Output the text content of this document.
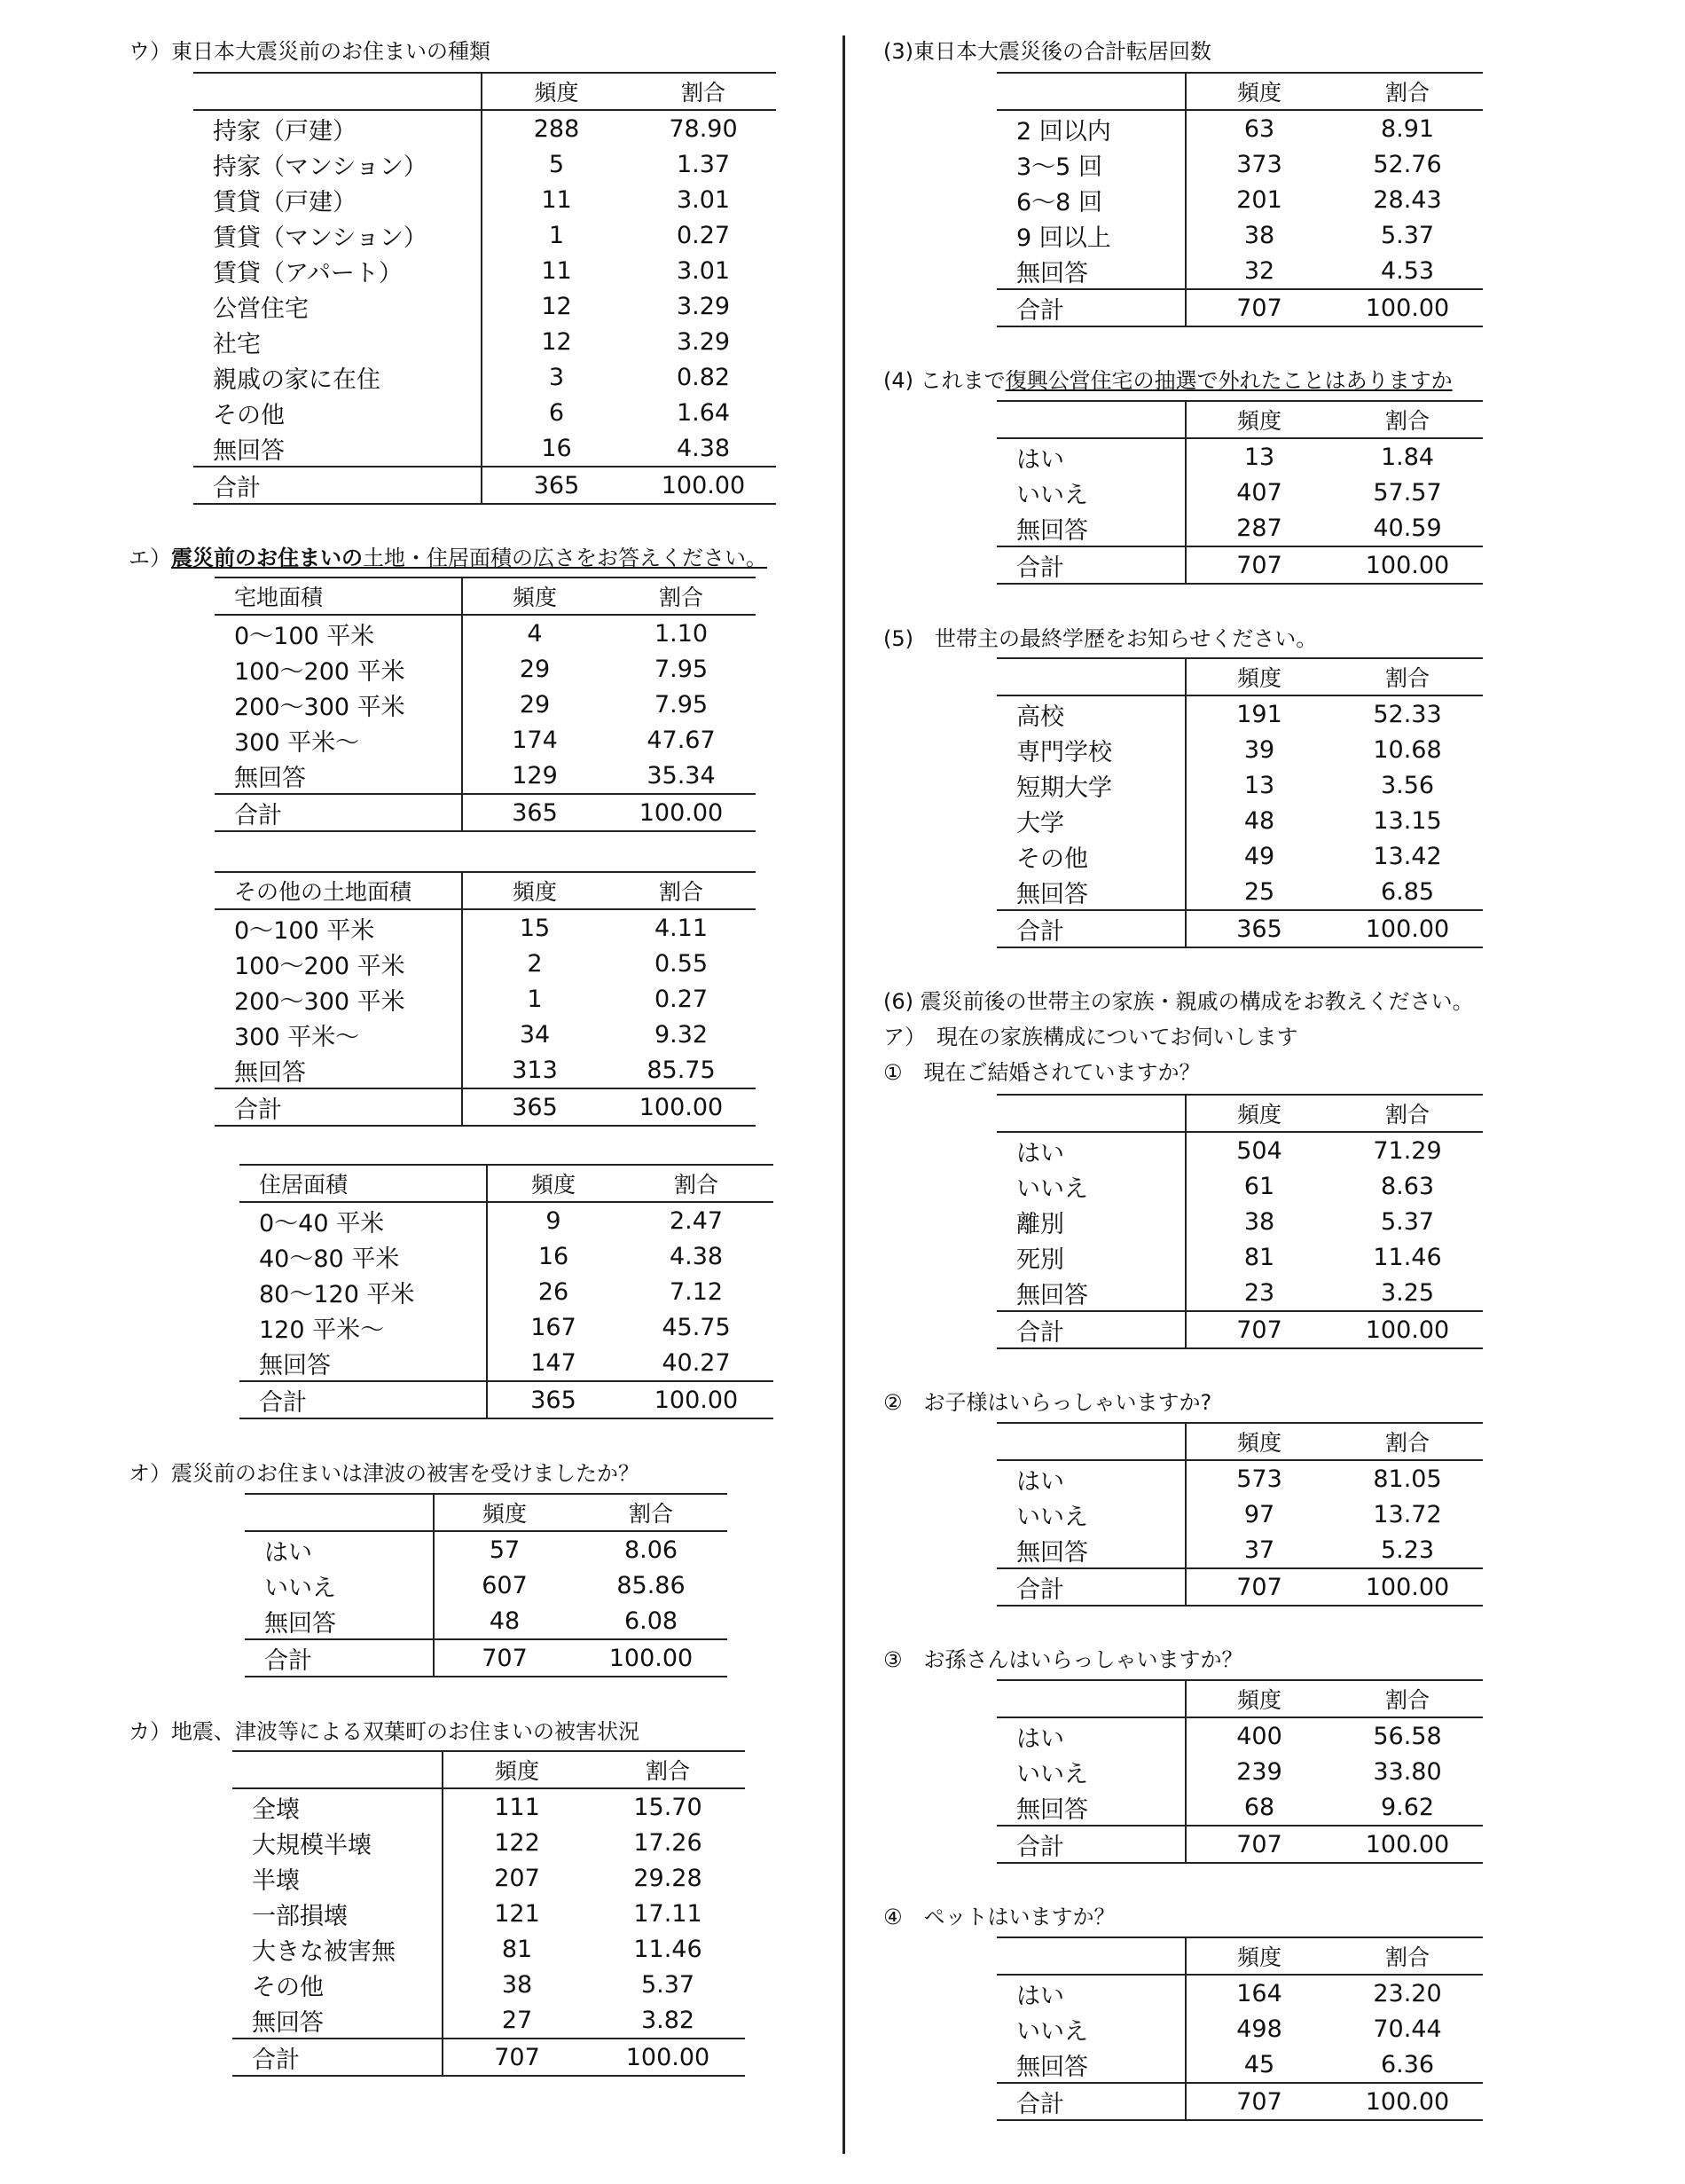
ウ）東日本大震災前のお住まいの種類
	頻度	割合
持家（戸建）	288	78.90
持家（マンション）	5	1.37
賃貸（戸建）	11	3.01
賃貸（マンション）	1	0.27
賃貸（アパート）	11	3.01
公営住宅	12	3.29
社宅	12	3.29
親戚の家に在住	3	0.82
その他	6	1.64
無回答	16	4.38
合計	365	100.00
エ）震災前のお住まいの土地・住居面積の広さをお答えください。
宅地面積	頻度	割合
0～100 平米	4	1.10
100～200 平米	29	7.95
200～300 平米	29	7.95
300 平米～	174	47.67
無回答	129	35.34
合計	365	100.00
その他の土地面積	頻度	割合
0～100 平米	15	4.11
100～200 平米	2	0.55
200～300 平米	1	0.27
300 平米～	34	9.32
無回答	313	85.75
合計	365	100.00
住居面積	頻度	割合
0～40 平米	9	2.47
40～80 平米	16	4.38
80～120 平米	26	7.12
120 平米～	167	45.75
無回答	147	40.27
合計	365	100.00
オ）震災前のお住まいは津波の被害を受けましたか？
	頻度	割合
はい	57	8.06
いいえ	607	85.86
無回答	48	6.08
合計	707	100.00
カ）地震、津波等による双葉町のお住まいの被害状況
	頻度	割合
全壊	111	15.70
大規模半壊	122	17.26
半壊	207	29.28
一部損壊	121	17.11
大きな被害無	81	11.46
その他	38	5.37
無回答	27	3.82
合計	707	100.00
(3)東日本大震災後の合計転居回数
	頻度	割合
2 回以内	63	8.91
3～5 回	373	52.76
6～8 回	201	28.43
9 回以上	38	5.37
無回答	32	4.53
合計	707	100.00
(4) これまで復興公営住宅の抽選で外れたことはありますか
	頻度	割合
はい	13	1.84
いいえ	407	57.57
無回答	287	40.59
合計	707	100.00
(5)　世帯主の最終学歴をお知らせください。
	頻度	割合
高校	191	52.33
専門学校	39	10.68
短期大学	13	3.56
大学	48	13.15
その他	49	13.42
無回答	25	6.85
合計	365	100.00
(6) 震災前後の世帯主の家族・親戚の構成をお教えください。
ア）　現在の家族構成についてお伺いします
①　現在ご結婚されていますか？
	頻度	割合
はい	504	71.29
いいえ	61	8.63
離別	38	5.37
死別	81	11.46
無回答	23	3.25
合計	707	100.00
②　お子様はいらっしゃいますか?
	頻度	割合
はい	573	81.05
いいえ	97	13.72
無回答	37	5.23
合計	707	100.00
③　お孫さんはいらっしゃいますか？
	頻度	割合
はい	400	56.58
いいえ	239	33.80
無回答	68	9.62
合計	707	100.00
④　ペットはいますか？
	頻度	割合
はい	164	23.20
いいえ	498	70.44
無回答	45	6.36
合計	707	100.00
